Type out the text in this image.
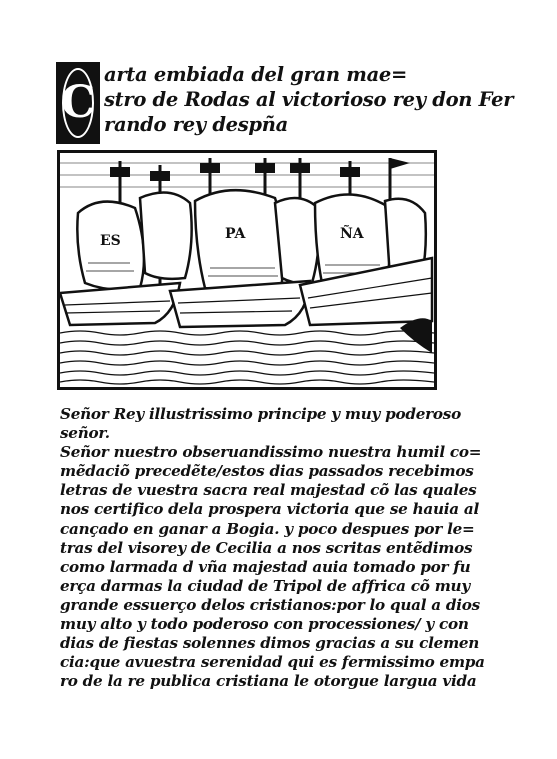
C
arta embiada del gran mae=
stro de Rodas al victorioso rey don Fer
rando rey despña
ES	PA	ÑA
Señor Rey illustrissimo principe y muy poderoso
señor.
Señor nuestro obseruandissimo nuestra humil co=
mẽdaciõ precedẽte/estos dias passados recebimos
letras de vuestra sacra real majestad cõ las quales
nos certifico dela prospera victoria que se hauia al
cançado en ganar a Bogia. y poco despues por le=
tras del visorey de Cecilia a nos scritas entẽdimos
como larmada d vña majestad auia tomado por fu
erça darmas la ciudad de Tripol de affrica cõ muy
grande essuerço delos cristianos:por lo qual a dios
muy alto y todo poderoso con processiones/ y con
dias de fiestas solennes dimos gracias a su clemen
cia:que avuestra serenidad qui es fermissimo empa
ro de la re publica cristiana le otorgue largua vida
